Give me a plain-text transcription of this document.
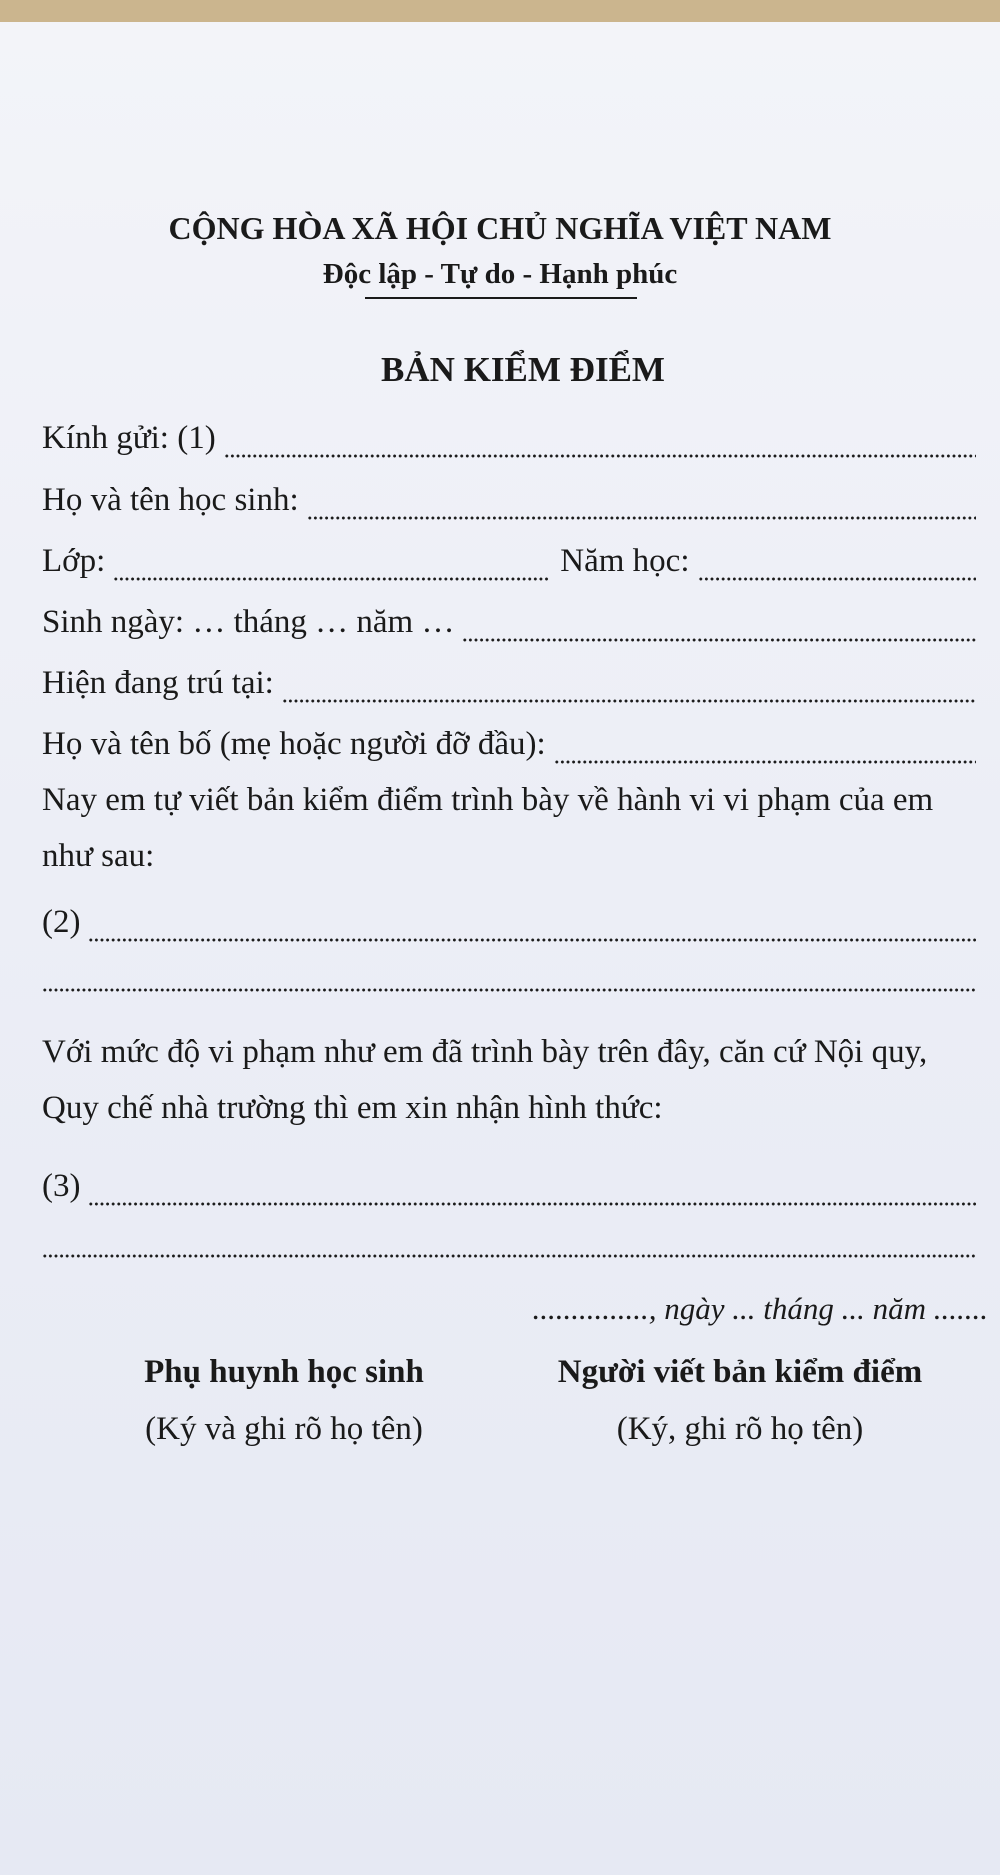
CỘNG HÒA XÃ HỘI CHỦ NGHĨA VIỆT NAM
Độc lập - Tự do - Hạnh phúc
BẢN KIỂM ĐIỂM
Kính gửi: (1)
Họ và tên học sinh:
Lớp:	Năm học:
Sinh ngày: … tháng … năm …
Hiện đang trú tại:
Họ và tên bố (mẹ hoặc người đỡ đầu):
Nay em tự viết bản kiểm điểm trình bày về hành vi vi phạm của em như sau:
(2)
Với mức độ vi phạm như em đã trình bày trên đây, căn cứ Nội quy, Quy chế nhà trường thì em xin nhận hình thức:
(3)
..............., ngày ... tháng ... năm .......
Phụ huynh học sinh
(Ký và ghi rõ họ tên)
Người viết bản kiểm điểm
(Ký, ghi rõ họ tên)
